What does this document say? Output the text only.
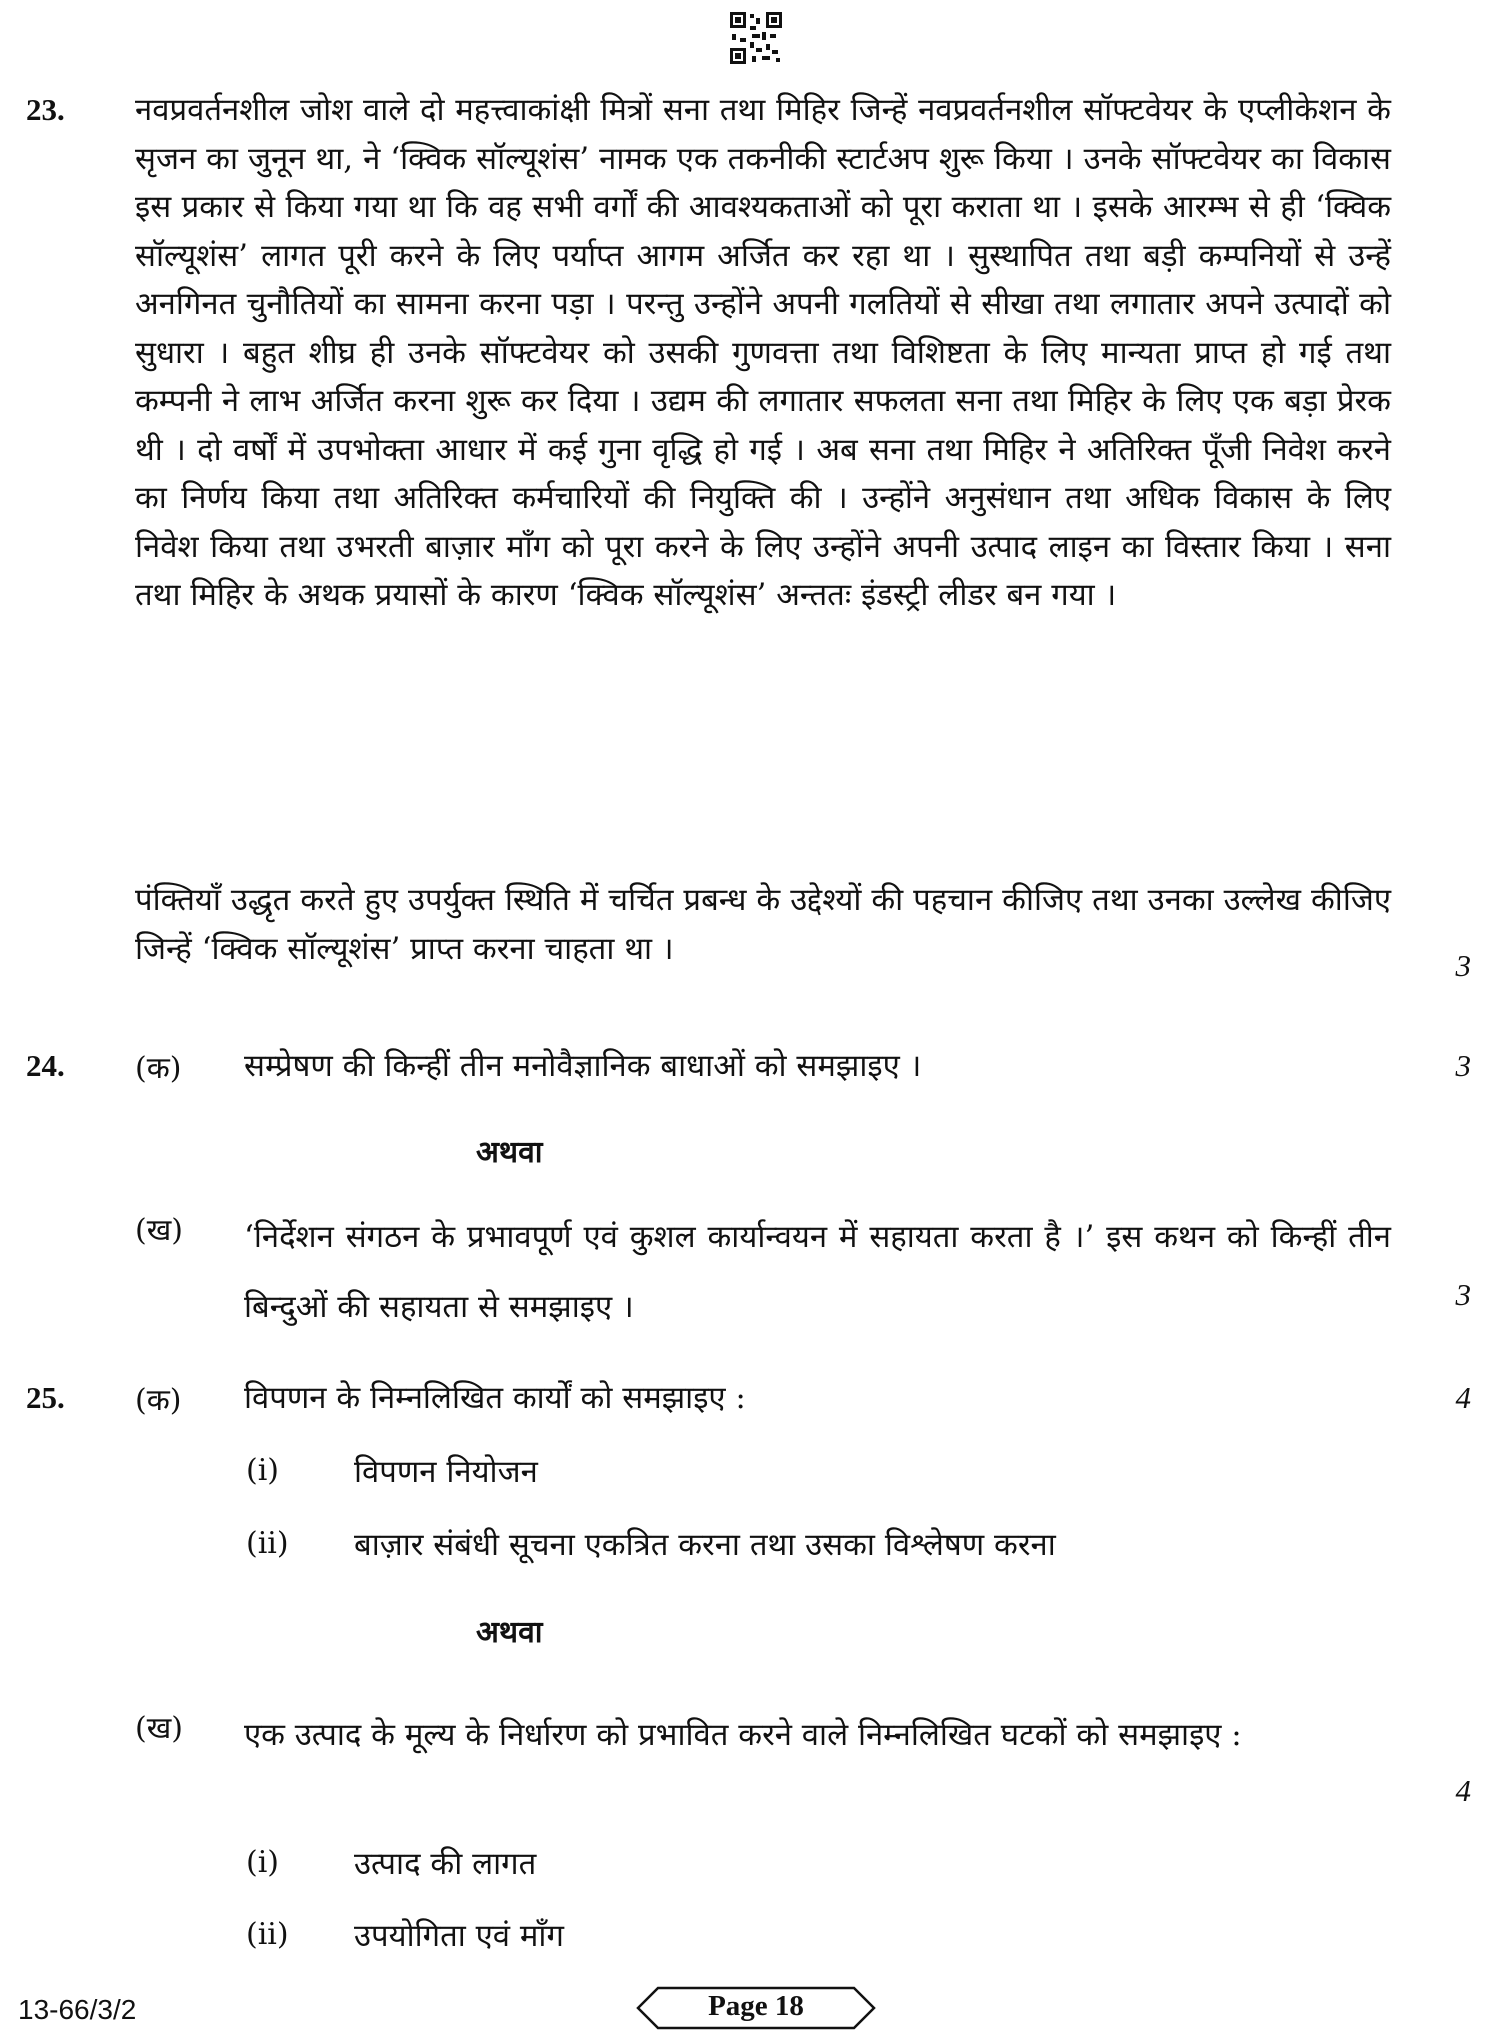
23. नवप्रवर्तनशील जोश वाले दो महत्त्वाकांक्षी मित्रों सना तथा मिहिर जिन्हें नवप्रवर्तनशील सॉफ्टवेयर के एप्लीकेशन के सृजन का जुनून था, ने ‘क्विक सॉल्यूशंस’ नामक एक तकनीकी स्टार्टअप शुरू किया । उनके सॉफ्टवेयर का विकास इस प्रकार से किया गया था कि वह सभी वर्गों की आवश्यकताओं को पूरा कराता था । इसके आरम्भ से ही ‘क्विक सॉल्यूशंस’ लागत पूरी करने के लिए पर्याप्त आगम अर्जित कर रहा था । सुस्थापित तथा बड़ी कम्पनियों से उन्हें अनगिनत चुनौतियों का सामना करना पड़ा । परन्तु उन्होंने अपनी गलतियों से सीखा तथा लगातार अपने उत्पादों को सुधारा । बहुत शीघ्र ही उनके सॉफ्टवेयर को उसकी गुणवत्ता तथा विशिष्टता के लिए मान्यता प्राप्त हो गई तथा कम्पनी ने लाभ अर्जित करना शुरू कर दिया । उद्यम की लगातार सफलता सना तथा मिहिर के लिए एक बड़ा प्रेरक थी । दो वर्षों में उपभोक्ता आधार में कई गुना वृद्धि हो गई । अब सना तथा मिहिर ने अतिरिक्त पूँजी निवेश करने का निर्णय किया तथा अतिरिक्त कर्मचारियों की नियुक्ति की । उन्होंने अनुसंधान तथा अधिक विकास के लिए निवेश किया तथा उभरती बाज़ार माँग को पूरा करने के लिए उन्होंने अपनी उत्पाद लाइन का विस्तार किया । सना तथा मिहिर के अथक प्रयासों के कारण ‘क्विक सॉल्यूशंस’ अन्ततः इंडस्ट्री लीडर बन गया ।
पंक्तियाँ उद्धृत करते हुए उपर्युक्त स्थिति में चर्चित प्रबन्ध के उद्देश्यों की पहचान कीजिए तथा उनका उल्लेख कीजिए जिन्हें ‘क्विक सॉल्यूशंस’ प्राप्त करना चाहता था ।	3
24. (क) सम्प्रेषण की किन्हीं तीन मनोवैज्ञानिक बाधाओं को समझाइए ।	3
अथवा
(ख) ‘निर्देशन संगठन के प्रभावपूर्ण एवं कुशल कार्यान्वयन में सहायता करता है ।’ इस कथन को किन्हीं तीन बिन्दुओं की सहायता से समझाइए ।	3
25. (क) विपणन के निम्नलिखित कार्यों को समझाइए :	4
(i) विपणन नियोजन
(ii) बाज़ार संबंधी सूचना एकत्रित करना तथा उसका विश्लेषण करना
अथवा
(ख) एक उत्पाद के मूल्य के निर्धारण को प्रभावित करने वाले निम्नलिखित घटकों को समझाइए :
4
(i) उत्पाद की लागत
(ii) उपयोगिता एवं माँग
13-66/3/2	Page 18
